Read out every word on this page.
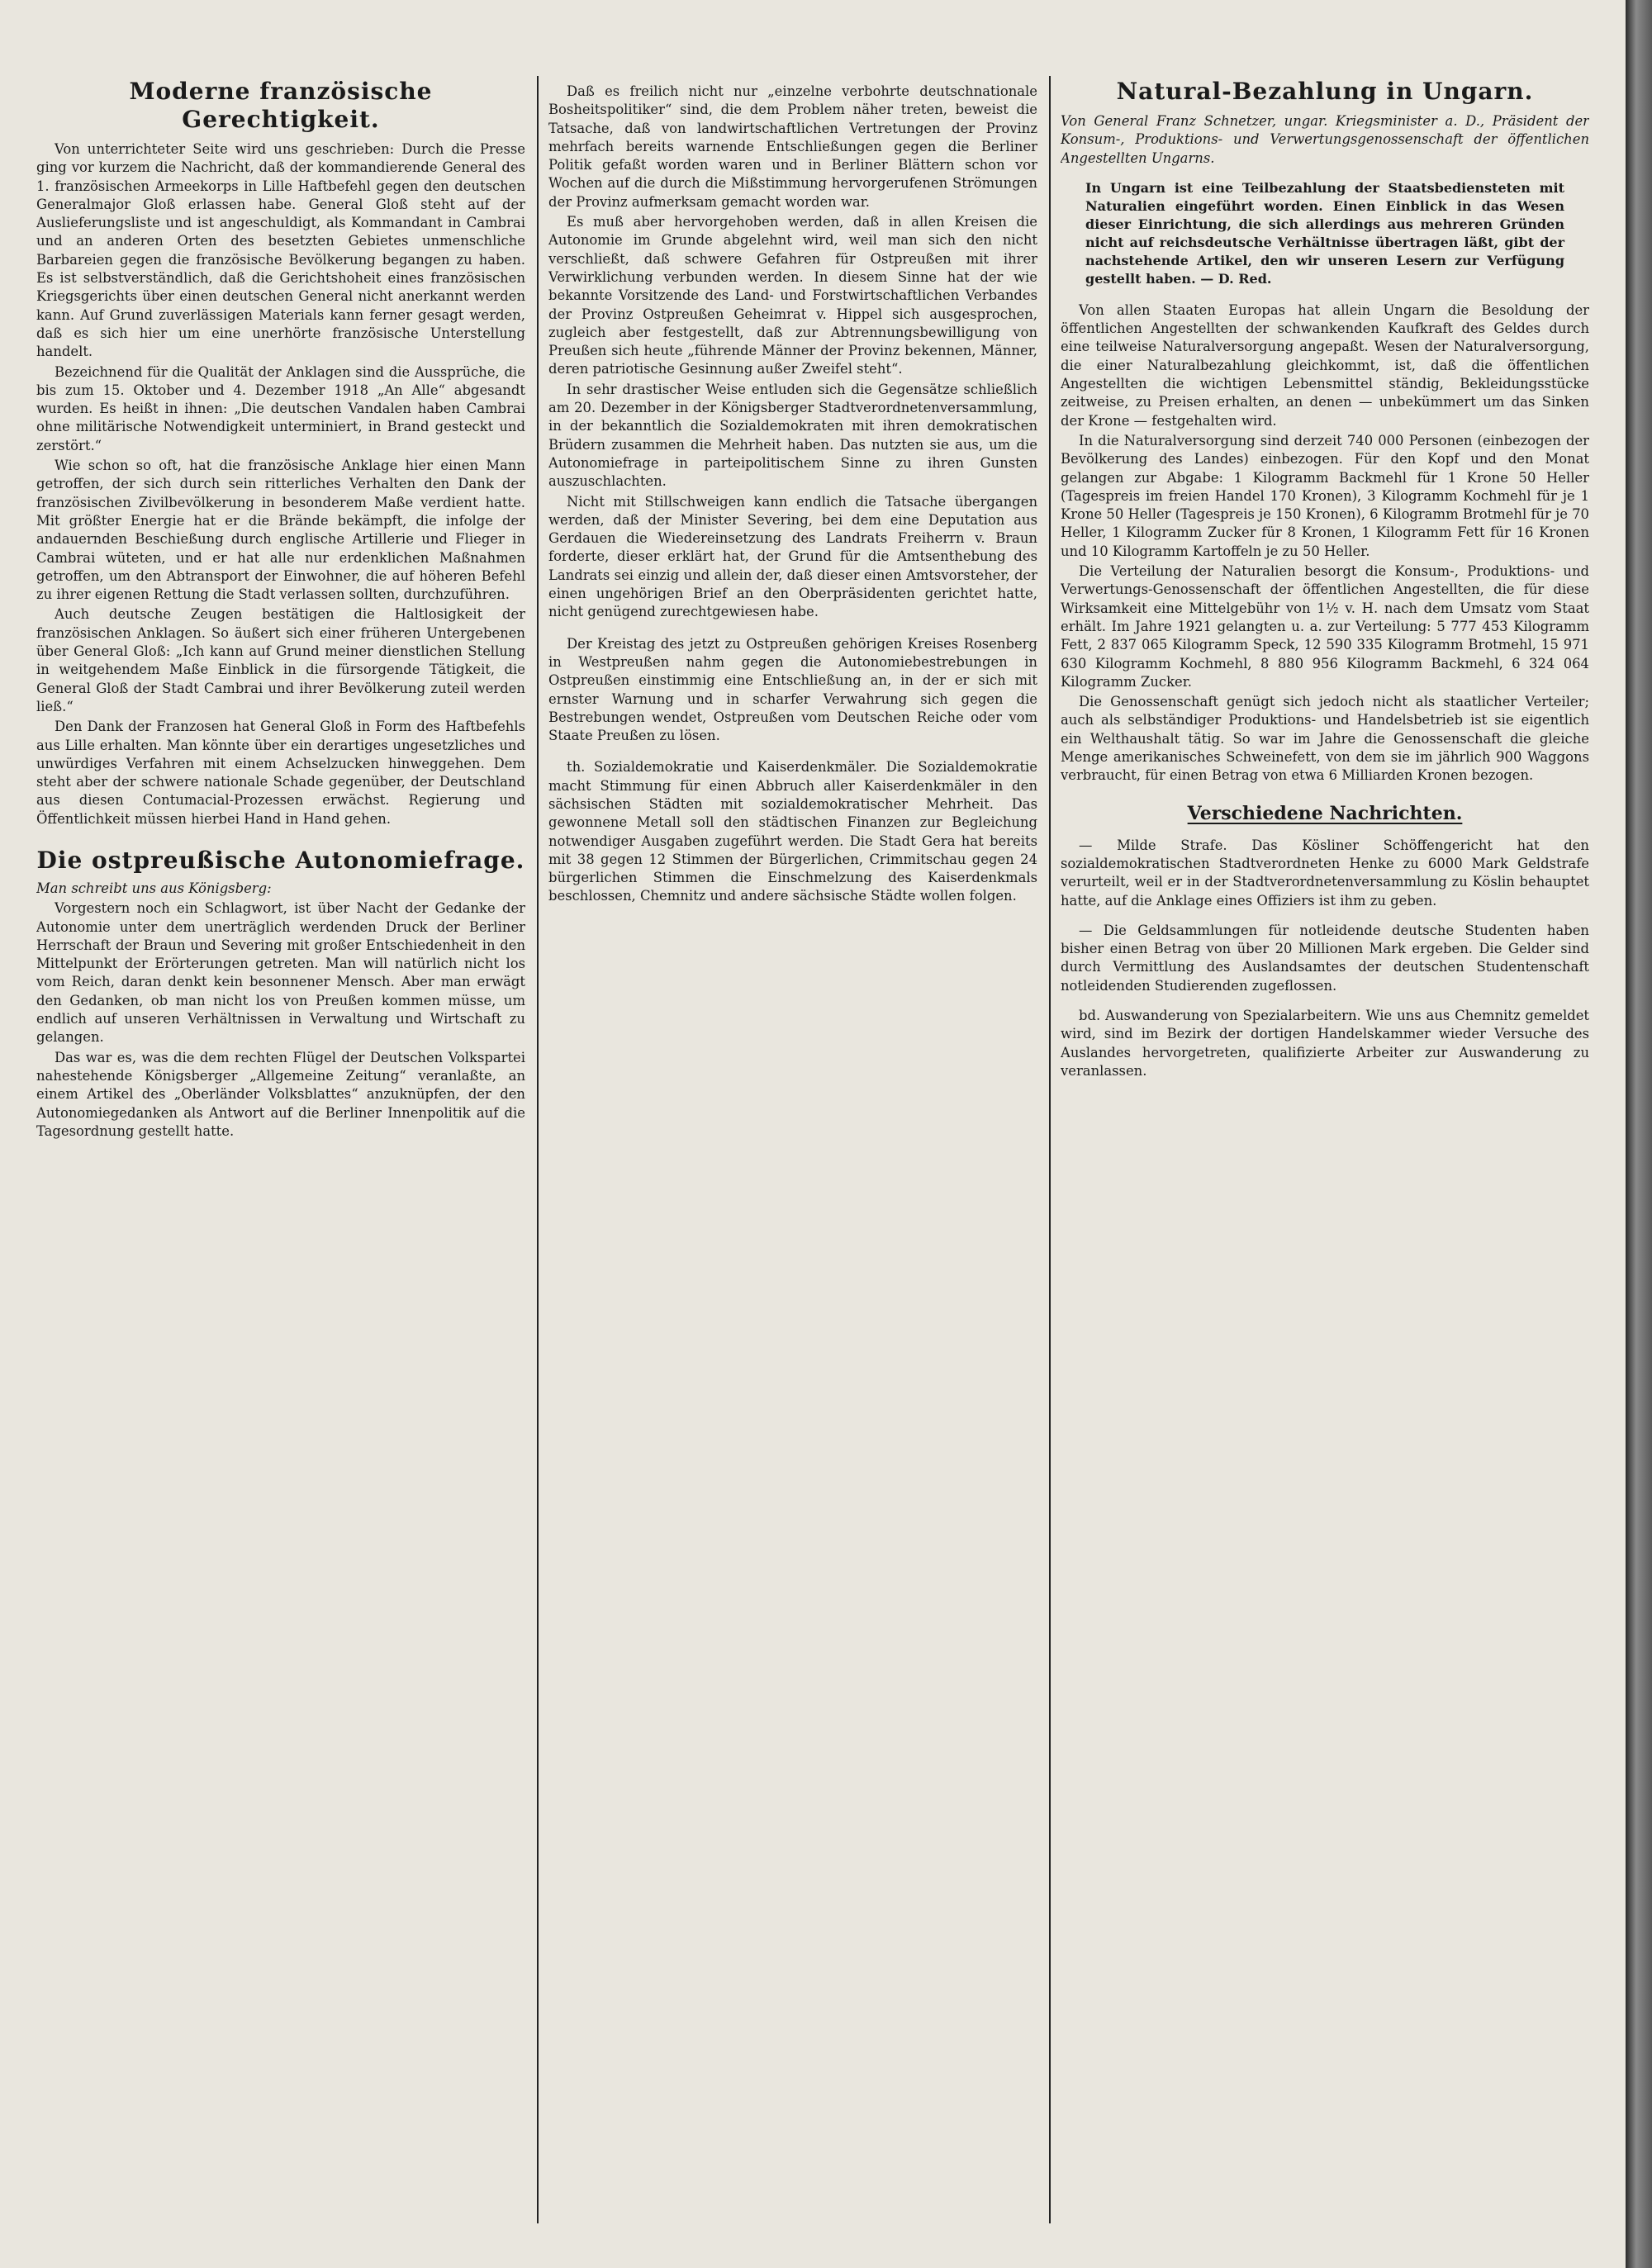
Moderne französische Gerechtigkeit.

Von unterrichteter Seite wird uns geschrieben: Durch die Presse ging vor kurzem die Nachricht, daß der kommandierende General des 1. französischen Armeekorps in Lille Haftbefehl gegen den deutschen Generalmajor Gloß erlassen habe. General Gloß steht auf der Auslieferungsliste und ist angeschuldigt, als Kommandant in Cambrai und an anderen Orten des besetzten Gebietes unmenschliche Barbareien gegen die französische Bevölkerung begangen zu haben. Es ist selbstverständlich, daß die Gerichtshoheit eines französischen Kriegsgerichts über einen deutschen General nicht anerkannt werden kann. Auf Grund zuverlässigen Materials kann ferner gesagt werden, daß es sich hier um eine unerhörte französische Unterstellung handelt.

Bezeichnend für die Qualität der Anklagen sind die Aussprüche, die bis zum 15. Oktober und 4. Dezember 1918 „An Alle“ abgesandt wurden. Es heißt in ihnen: „Die deutschen Vandalen haben Cambrai ohne militärische Notwendigkeit unterminiert, in Brand gesteckt und zerstört.“

Wie schon so oft, hat die französische Anklage hier einen Mann getroffen, der sich durch sein ritterliches Verhalten den Dank der französischen Zivilbevölkerung in besonderem Maße verdient hatte. Mit größter Energie hat er die Brände bekämpft, die infolge der andauernden Beschießung durch englische Artillerie und Flieger in Cambrai wüteten, und er hat alle nur erdenklichen Maßnahmen getroffen, um den Abtransport der Einwohner, die auf höheren Befehl zu ihrer eigenen Rettung die Stadt verlassen sollten, durchzuführen.

Auch deutsche Zeugen bestätigen die Haltlosigkeit der französischen Anklagen. So äußert sich einer früheren Untergebenen über General Gloß: „Ich kann auf Grund meiner dienstlichen Stellung in weitgehendem Maße Einblick in die fürsorgende Tätigkeit, die General Gloß der Stadt Cambrai und ihrer Bevölkerung zuteil werden ließ.“

Den Dank der Franzosen hat General Gloß in Form des Haftbefehls aus Lille erhalten. Man könnte über ein derartiges ungesetzliches und unwürdiges Verfahren mit einem Achselzucken hinweggehen. Dem steht aber der schwere nationale Schade gegenüber, der Deutschland aus diesen Contumacial-Prozessen erwächst. Regierung und Öffentlichkeit müssen hierbei Hand in Hand gehen.

Die ostpreußische Autonomiefrage.

Man schreibt uns aus Königsberg:

Vorgestern noch ein Schlagwort, ist über Nacht der Gedanke der Autonomie unter dem unerträglich werdenden Druck der Berliner Herrschaft der Braun und Severing mit großer Entschiedenheit in den Mittelpunkt der Erörterungen getreten. Man will natürlich nicht los vom Reich, daran denkt kein besonnener Mensch. Aber man erwägt den Gedanken, ob man nicht los von Preußen kommen müsse, um endlich auf unseren Verhältnissen in Verwaltung und Wirtschaft zu gelangen.

Das war es, was die dem rechten Flügel der Deutschen Volkspartei nahestehende Königsberger „Allgemeine Zeitung“ veranlaßte, an einem Artikel des „Oberländer Volksblattes“ anzuknüpfen, der den Autonomiegedanken als Antwort auf die Berliner Innenpolitik auf die Tagesordnung gestellt hatte.

Daß es freilich nicht nur „einzelne verbohrte deutschnationale Bosheitspolitiker“ sind, die dem Problem näher treten, beweist die Tatsache, daß von landwirtschaftlichen Vertretungen der Provinz mehrfach bereits warnende Entschließungen gegen die Berliner Politik gefaßt worden waren und in Berliner Blättern schon vor Wochen auf die durch die Mißstimmung hervorgerufenen Strömungen der Provinz aufmerksam gemacht worden war.

Es muß aber hervorgehoben werden, daß in allen Kreisen die Autonomie im Grunde abgelehnt wird, weil man sich den nicht verschließt, daß schwere Gefahren für Ostpreußen mit ihrer Verwirklichung verbunden werden. In diesem Sinne hat der wie bekannte Vorsitzende des Land- und Forstwirtschaftlichen Verbandes der Provinz Ostpreußen Geheimrat v. Hippel sich ausgesprochen, zugleich aber festgestellt, daß zur Abtrennungsbewilligung von Preußen sich heute „führende Männer der Provinz bekennen, Männer, deren patriotische Gesinnung außer Zweifel steht“.

In sehr drastischer Weise entluden sich die Gegensätze schließlich am 20. Dezember in der Königsberger Stadtverordnetenversammlung, in der bekanntlich die Sozialdemokraten mit ihren demokratischen Brüdern zusammen die Mehrheit haben. Das nutzten sie aus, um die Autonomiefrage in parteipolitischem Sinne zu ihren Gunsten auszuschlachten.

Nicht mit Stillschweigen kann endlich die Tatsache übergangen werden, daß der Minister Severing, bei dem eine Deputation aus Gerdauen die Wiedereinsetzung des Landrats Freiherrn v. Braun forderte, dieser erklärt hat, der Grund für die Amtsenthebung des Landrats sei einzig und allein der, daß dieser einen Amtsvorsteher, der einen ungehörigen Brief an den Oberpräsidenten gerichtet hatte, nicht genügend zurechtgewiesen habe.

Der Kreistag des jetzt zu Ostpreußen gehörigen Kreises Rosenberg in Westpreußen nahm gegen die Autonomiebestrebungen in Ostpreußen einstimmig eine Entschließung an, in der er sich mit ernster Warnung und in scharfer Verwahrung sich gegen die Bestrebungen wendet, Ostpreußen vom Deutschen Reiche oder vom Staate Preußen zu lösen.

th. Sozialdemokratie und Kaiserdenkmäler. Die Sozialdemokratie macht Stimmung für einen Abbruch aller Kaiserdenkmäler in den sächsischen Städten mit sozialdemokratischer Mehrheit. Das gewonnene Metall soll den städtischen Finanzen zur Begleichung notwendiger Ausgaben zugeführt werden. Die Stadt Gera hat bereits mit 38 gegen 12 Stimmen der Bürgerlichen, Crimmitschau gegen 24 bürgerlichen Stimmen die Einschmelzung des Kaiserdenkmals beschlossen, Chemnitz und andere sächsische Städte wollen folgen.

Natural-Bezahlung in Ungarn.

Von General Franz Schnetzer, ungar. Kriegsminister a. D., Präsident der Konsum-, Produktions- und Verwertungsgenossenschaft der öffentlichen Angestellten Ungarns.

In Ungarn ist eine Teilbezahlung der Staatsbediensteten mit Naturalien eingeführt worden. Einen Einblick in das Wesen dieser Einrichtung, die sich allerdings aus mehreren Gründen nicht auf reichsdeutsche Verhältnisse übertragen läßt, gibt der nachstehende Artikel, den wir unseren Lesern zur Verfügung gestellt haben. — D. Red.

Von allen Staaten Europas hat allein Ungarn die Besoldung der öffentlichen Angestellten der schwankenden Kaufkraft des Geldes durch eine teilweise Naturalversorgung angepaßt. Wesen der Naturalversorgung, die einer Naturalbezahlung gleichkommt, ist, daß die öffentlichen Angestellten die wichtigen Lebensmittel ständig, Bekleidungsstücke zeitweise, zu Preisen erhalten, an denen — unbekümmert um das Sinken der Krone — festgehalten wird.

In die Naturalversorgung sind derzeit 740 000 Personen (einbezogen der Bevölkerung des Landes) einbezogen. Für den Kopf und den Monat gelangen zur Abgabe: 1 Kilogramm Backmehl für 1 Krone 50 Heller (Tagespreis im freien Handel 170 Kronen), 3 Kilogramm Kochmehl für je 1 Krone 50 Heller (Tagespreis je 150 Kronen), 6 Kilogramm Brotmehl für je 70 Heller, 1 Kilogramm Zucker für 8 Kronen, 1 Kilogramm Fett für 16 Kronen und 10 Kilogramm Kartoffeln je zu 50 Heller.

Die Verteilung der Naturalien besorgt die Konsum-, Produktions- und Verwertungs-Genossenschaft der öffentlichen Angestellten, die für diese Wirksamkeit eine Mittelgebühr von 1½ v. H. nach dem Umsatz vom Staat erhält. Im Jahre 1921 gelangten u. a. zur Verteilung: 5 777 453 Kilogramm Fett, 2 837 065 Kilogramm Speck, 12 590 335 Kilogramm Brotmehl, 15 971 630 Kilogramm Kochmehl, 8 880 956 Kilogramm Backmehl, 6 324 064 Kilogramm Zucker.

Die Genossenschaft genügt sich jedoch nicht als staatlicher Verteiler; auch als selbständiger Produktions- und Handelsbetrieb ist sie eigentlich ein Welthaushalt tätig. So war im Jahre die Genossenschaft die gleiche Menge amerikanisches Schweinefett, von dem sie im jährlich 900 Waggons verbraucht, für einen Betrag von etwa 6 Milliarden Kronen bezogen.

Verschiedene Nachrichten.

— Milde Strafe. Das Kösliner Schöffengericht hat den sozialdemokratischen Stadtverordneten Henke zu 6000 Mark Geldstrafe verurteilt, weil er in der Stadtverordnetenversammlung zu Köslin behauptet hatte, auf die Anklage eines Offiziers ist ihm zu geben.

— Die Geldsammlungen für notleidende deutsche Studenten haben bisher einen Betrag von über 20 Millionen Mark ergeben. Die Gelder sind durch Vermittlung des Auslandsamtes der deutschen Studentenschaft notleidenden Studierenden zugeflossen.

bd. Auswanderung von Spezialarbeitern. Wie uns aus Chemnitz gemeldet wird, sind im Bezirk der dortigen Handelskammer wieder Versuche des Auslandes hervorgetreten, qualifizierte Arbeiter zur Auswanderung zu veranlassen.
